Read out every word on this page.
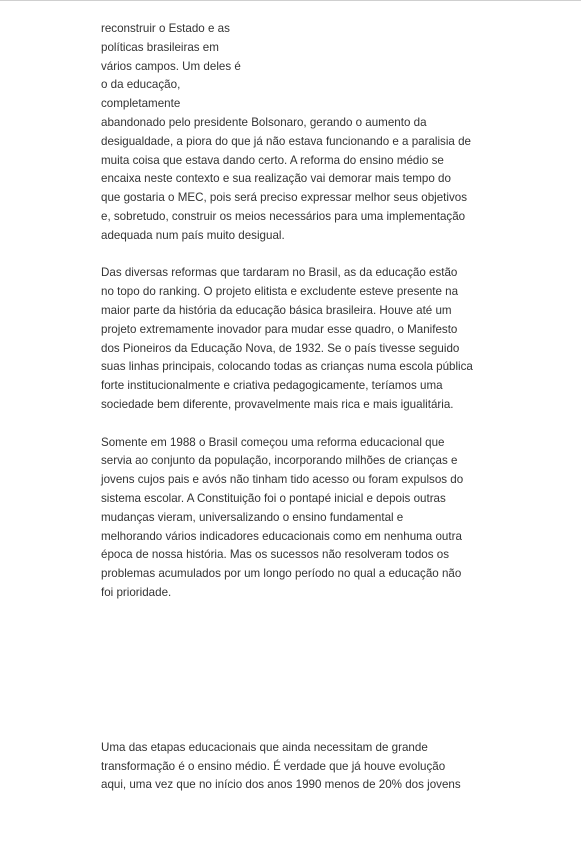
reconstruir o Estado e as
políticas brasileiras em
vários campos. Um deles é
o da educação,
completamente
abandonado pelo presidente Bolsonaro, gerando o aumento da
desigualdade, a piora do que já não estava funcionando e a paralisia de
muita coisa que estava dando certo. A reforma do ensino médio se
encaixa neste contexto e sua realização vai demorar mais tempo do
que gostaria o MEC, pois será preciso expressar melhor seus objetivos
e, sobretudo, construir os meios necessários para uma implementação
adequada num país muito desigual.

Das diversas reformas que tardaram no Brasil, as da educação estão
no topo do ranking. O projeto elitista e excludente esteve presente na
maior parte da história da educação básica brasileira. Houve até um
projeto extremamente inovador para mudar esse quadro, o Manifesto
dos Pioneiros da Educação Nova, de 1932. Se o país tivesse seguido
suas linhas principais, colocando todas as crianças numa escola pública
forte institucionalmente e criativa pedagogicamente, teríamos uma
sociedade bem diferente, provavelmente mais rica e mais igualitária.

Somente em 1988 o Brasil começou uma reforma educacional que
servia ao conjunto da população, incorporando milhões de crianças e
jovens cujos pais e avós não tinham tido acesso ou foram expulsos do
sistema escolar. A Constituição foi o pontapé inicial e depois outras
mudanças vieram, universalizando o ensino fundamental e
melhorando vários indicadores educacionais como em nenhuma outra
época de nossa história. Mas os sucessos não resolveram todos os
problemas acumulados por um longo período no qual a educação não
foi prioridade.

Uma das etapas educacionais que ainda necessitam de grande
transformação é o ensino médio. É verdade que já houve evolução
aqui, uma vez que no início dos anos 1990 menos de 20% dos jovens
